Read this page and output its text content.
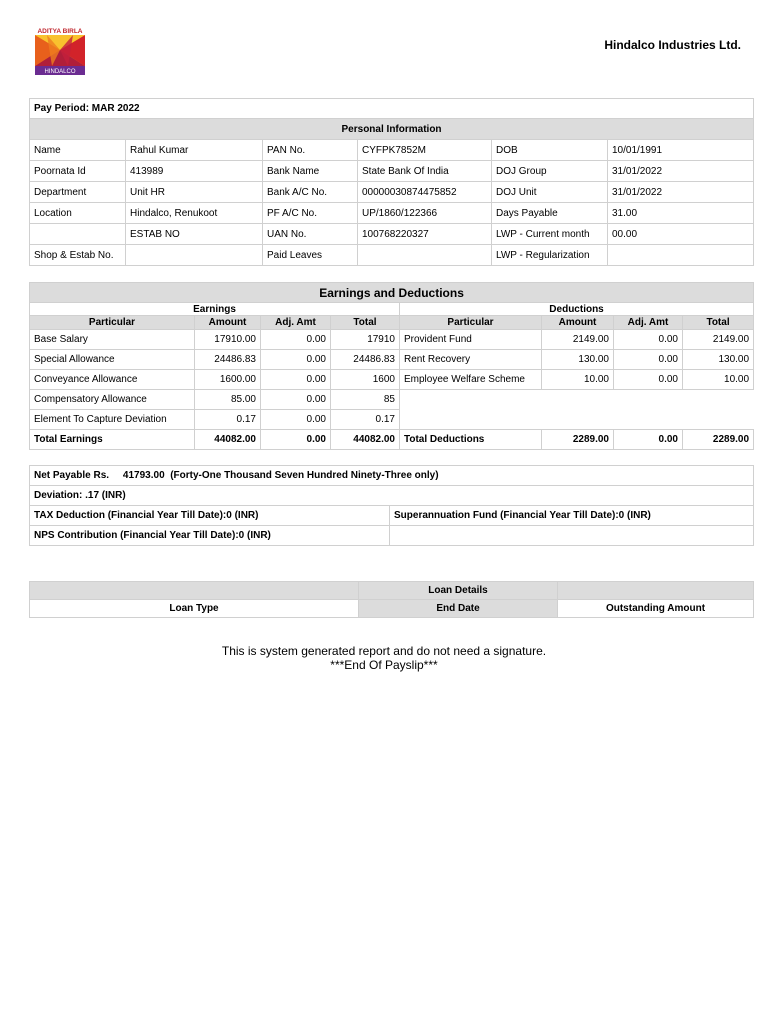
ADITYA BIRLA
HINDALCO
Hindalco Industries Ltd.
Pay Period: MAR 2022					
Personal Information					
Name	Rahul Kumar	PAN No.	CYFPK7852M	DOB	10/01/1991
Poornata Id	413989	Bank Name	State Bank Of India	DOJ Group	31/01/2022
Department	Unit HR	Bank A/C No.	00000030874475852	DOJ Unit	31/01/2022
Location	Hindalco, Renukoot	PF A/C No.	UP/1860/122366	Days Payable	31.00
	ESTAB NO	UAN No.	100768220327	LWP - Current month	00.00
Shop & Estab No.		Paid Leaves		LWP - Regularization	
Earnings and Deductions							
Earnings				Deductions			
Particular	Amount	Adj. Amt	Total	Particular	Amount	Adj. Amt	Total
Base Salary	17910.00	0.00	17910	Provident Fund	2149.00	0.00	2149.00
Special Allowance	24486.83	0.00	24486.83	Rent Recovery	130.00	0.00	130.00
Conveyance Allowance	1600.00	0.00	1600	Employee Welfare Scheme	10.00	0.00	10.00
Compensatory Allowance	85.00	0.00	85				
Element To Capture Deviation	0.17	0.00	0.17				
Total Earnings	44082.00	0.00	44082.00	Total Deductions	2289.00	0.00	2289.00
Net Payable Rs.     41793.00  (Forty-One Thousand Seven Hundred Ninety-Three only)	
Deviation: .17 (INR)	
TAX Deduction (Financial Year Till Date):0 (INR)	Superannuation Fund (Financial Year Till Date):0 (INR)
NPS Contribution (Financial Year Till Date):0 (INR)	
	Loan Details	
Loan Type	End Date	Outstanding Amount
This is system generated report and do not need a signature.
***End Of Payslip***
